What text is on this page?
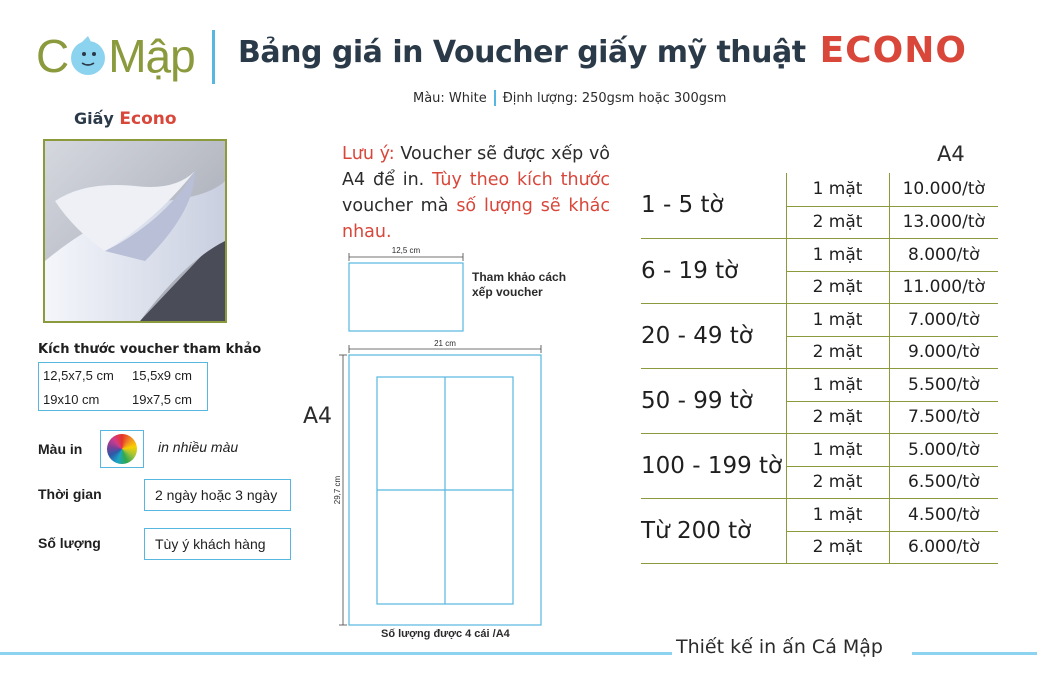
C Mập Bảng giá in Voucher giấy mỹ thuật ECONO
Màu: White Định lượng: 250gsm hoặc 300gsm
Giấy Econo
Kích thước voucher tham khảo
12,5x7,5 cm 15,5x9 cm
19x10 cm	19x7,5 cm
Màu in	in nhiều màu
Thời gian	2 ngày hoặc 3 ngày
Số lượng	Tùy ý khách hàng
Lưu ý: Voucher sẽ được xếp vô A4 để in. Tùy theo kích thước voucher mà số lượng sẽ khác nhau.
12,5 cm
21 cm
29,7 cm
Tham khảo cách
xếp voucher
A4
Số lượng được 4 cái /A4
A4
1 - 5 tờ	1 mặt	10.000/tờ
	2 mặt	13.000/tờ
6 - 19 tờ	1 mặt	8.000/tờ
	2 mặt	11.000/tờ
20 - 49 tờ	1 mặt	7.000/tờ
	2 mặt	9.000/tờ
50 - 99 tờ	1 mặt	5.500/tờ
	2 mặt	7.500/tờ
100 - 199 tờ	1 mặt	5.000/tờ
	2 mặt	6.500/tờ
Từ 200 tờ	1 mặt	4.500/tờ
	2 mặt	6.000/tờ
Thiết kế in ấn Cá Mập
